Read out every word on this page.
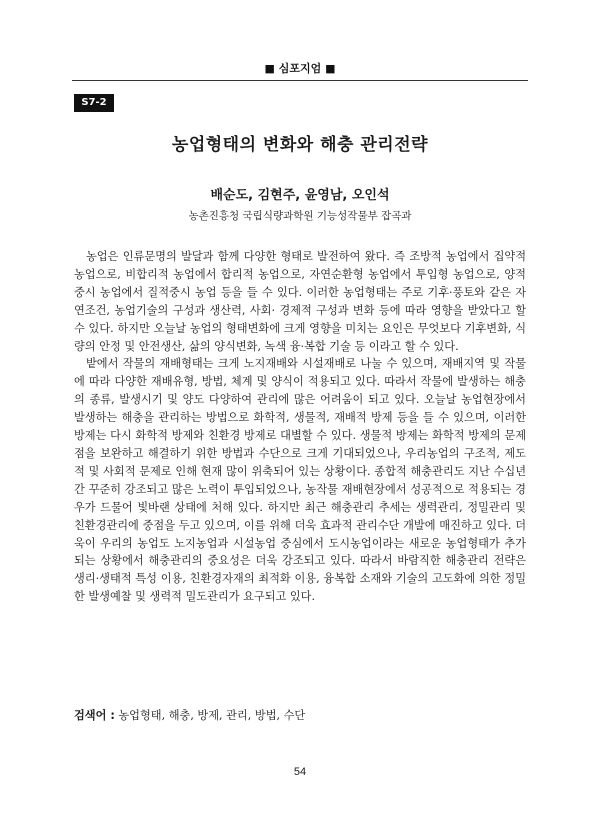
■ 심포지엄 ■
S7-2
농업형태의 변화와 해충 관리전략
배순도, 김현주, 윤영남, 오인석
농촌진흥청 국립식량과학원 기능성작물부 잡곡과

농업은 인류문명의 발달과 함께 다양한 형태로 발전하여 왔다. 즉 조방적 농업에서 집약적 농업으로, 비합리적 농업에서 합리적 농업으로, 자연순환형 농업에서 투입형 농업으로, 양적중시 농업에서 질적중시 농업 등을 들 수 있다. 이러한 농업형태는 주로 기후·풍토와 같은 자연조건, 농업기술의 구성과 생산력, 사회· 경제적 구성과 변화 등에 따라 영향을 받았다고 할 수 있다. 하지만 오늘날 농업의 형태변화에 크게 영향을 미치는 요인은 무엇보다 기후변화, 식량의 안정 및 안전생산, 삶의 양식변화, 녹색 융·복합 기술 등 이라고 할 수 있다.

밭에서 작물의 재배형태는 크게 노지재배와 시설재배로 나눌 수 있으며, 재배지역 및 작물에 따라 다양한 재배유형, 방법, 체계 및 양식이 적용되고 있다. 따라서 작물에 발생하는 해충의 종류, 발생시기 및 양도 다양하여 관리에 많은 어려움이 되고 있다. 오늘날 농업현장에서 발생하는 해충을 관리하는 방법으로 화학적, 생물적, 재배적 방제 등을 들 수 있으며, 이러한 방제는 다시 화학적 방제와 친환경 방제로 대별할 수 있다. 생물적 방제는 화학적 방제의 문제점을 보완하고 해결하기 위한 방법과 수단으로 크게 기대되었으나, 우리농업의 구조적, 제도적 및 사회적 문제로 인해 현재 많이 위축되어 있는 상황이다. 종합적 해충관리도 지난 수십년간 꾸준히 강조되고 많은 노력이 투입되었으나, 농작물 재배현장에서 성공적으로 적용되는 경우가 드물어 빛바랜 상태에 처해 있다. 하지만 최근 해충관리 추세는 생력관리, 정밀관리 및 친환경관리에 중점을 두고 있으며, 이를 위해 더욱 효과적 관리수단 개발에 매진하고 있다. 더욱이 우리의 농업도 노지농업과 시설농업 중심에서 도시농업이라는 새로운 농업형태가 추가되는 상황에서 해충관리의 중요성은 더욱 강조되고 있다. 따라서 바람직한 해충관리 전략은 생리·생태적 특성 이용, 친환경자재의 최적화 이용, 융복합 소재와 기술의 고도화에 의한 정밀한 발생예찰 및 생력적 밀도관리가 요구되고 있다.

검색어 : 농업형태, 해충, 방제, 관리, 방법, 수단
54
